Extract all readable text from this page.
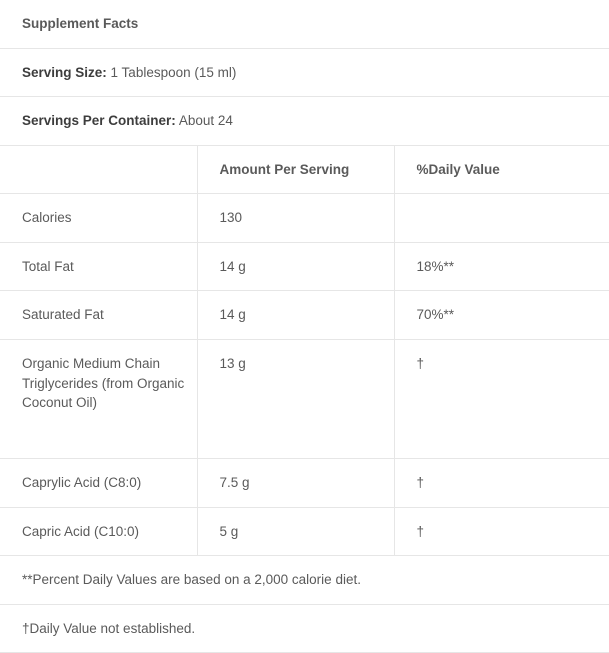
Supplement Facts		
Serving Size: 1 Tablespoon (15 ml)		
Servings Per Container: About 24		
	Amount Per Serving	%Daily Value
Calories	130	
Total Fat	14 g	18%**
Saturated Fat	14 g	70%**
Organic Medium Chain Triglycerides (from Organic Coconut Oil)	13 g	†
Caprylic Acid (C8:0)	7.5 g	†
Capric Acid (C10:0)	5 g	†
**Percent Daily Values are based on a 2,000 calorie diet.		
†Daily Value not established.		
